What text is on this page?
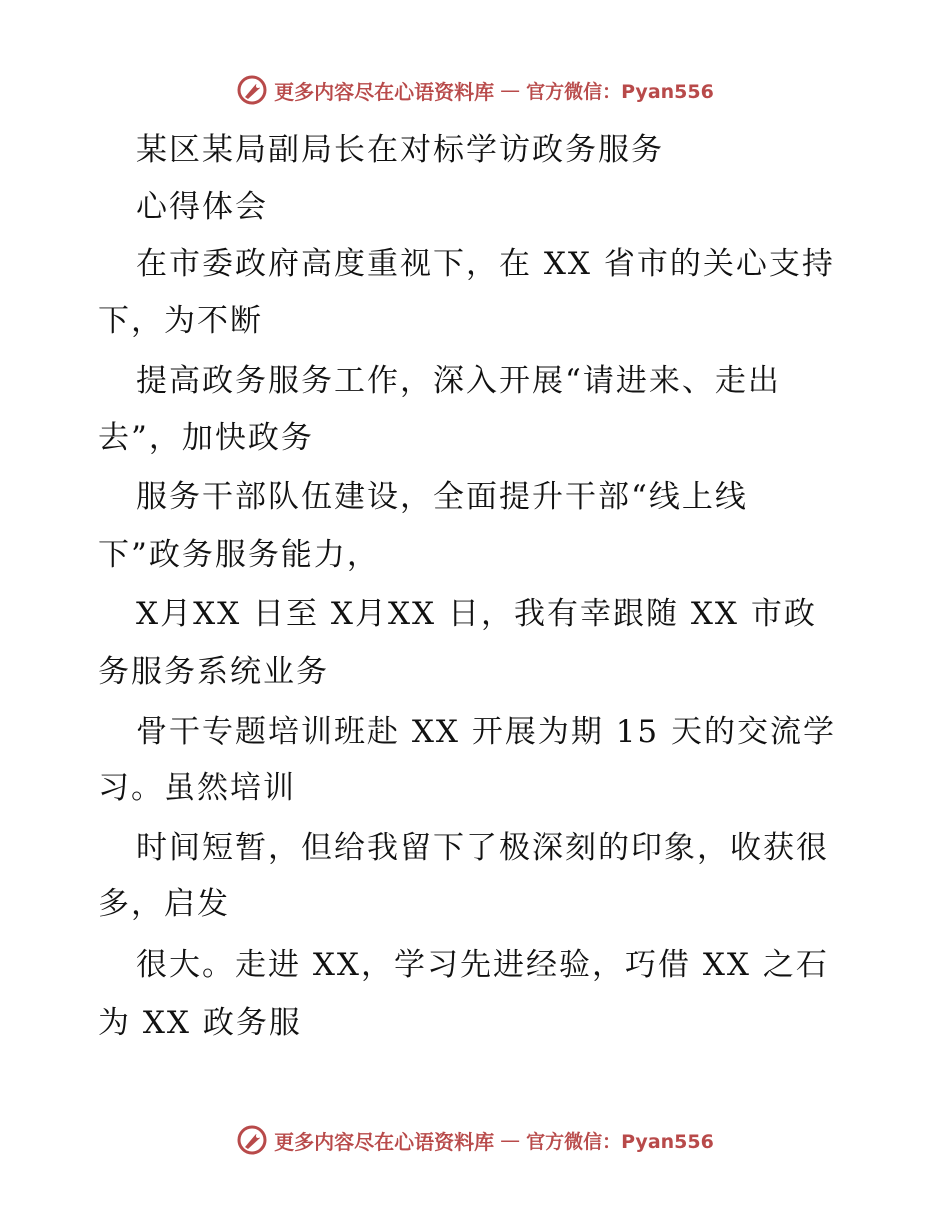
更多内容尽在心语资料库 — 官方微信：Pyan556
某区某局副局长在对标学访政务服务
心得体会
在市委政府高度重视下，在 XX 省市的关心支持
下，为不断
提高政务服务工作，深入开展“请进来、走出
去”，加快政务
服务干部队伍建设，全面提升干部“线上线
下”政务服务能力，
X月XX 日至 X月XX 日，我有幸跟随 XX 市政
务服务系统业务
骨干专题培训班赴 XX 开展为期 15 天的交流学
习。虽然培训
时间短暂，但给我留下了极深刻的印象，收获很
多，启发
很大。走进 XX，学习先进经验，巧借 XX 之石
为 XX 政务服
更多内容尽在心语资料库 — 官方微信：Pyan556
